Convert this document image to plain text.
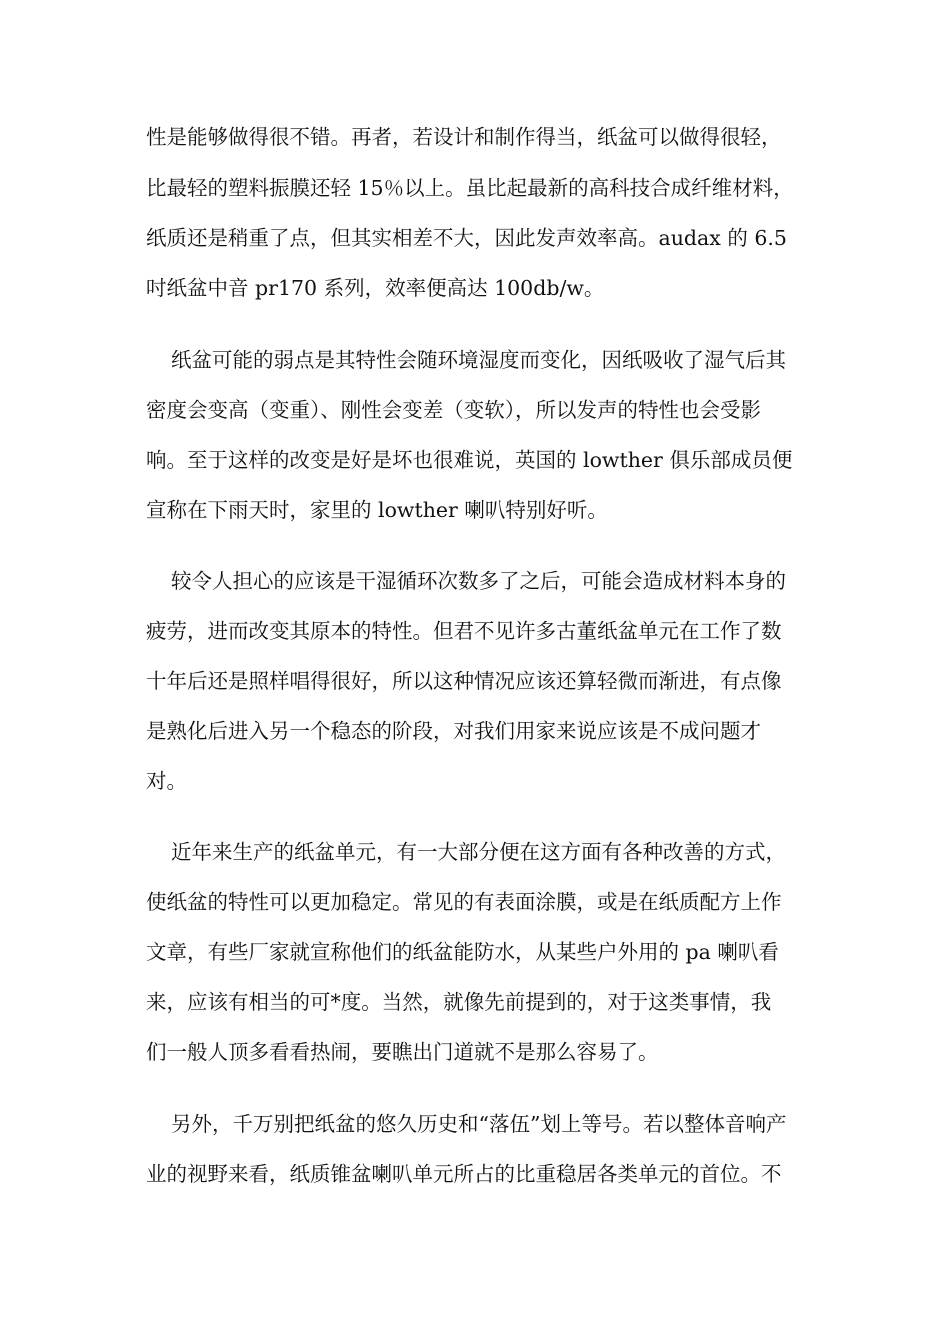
性是能够做得很不错。再者，若设计和制作得当，纸盆可以做得很轻，
比最轻的塑料振膜还轻 15％以上。虽比起最新的高科技合成纤维材料，
纸质还是稍重了点，但其实相差不大，因此发声效率高。audax 的 6.5
吋纸盆中音 pr170 系列，效率便高达 100db/w。
纸盆可能的弱点是其特性会随环境湿度而变化，因纸吸收了湿气后其
密度会变高（变重）、刚性会变差（变软），所以发声的特性也会受影
响。至于这样的改变是好是坏也很难说，英国的 lowther 俱乐部成员便
宣称在下雨天时，家里的 lowther 喇叭特别好听。
较令人担心的应该是干湿循环次数多了之后，可能会造成材料本身的
疲劳，进而改变其原本的特性。但君不见许多古董纸盆单元在工作了数
十年后还是照样唱得很好，所以这种情况应该还算轻微而渐进，有点像
是熟化后进入另一个稳态的阶段，对我们用家来说应该是不成问题才
对。
近年来生产的纸盆单元，有一大部分便在这方面有各种改善的方式，
使纸盆的特性可以更加稳定。常见的有表面涂膜，或是在纸质配方上作
文章，有些厂家就宣称他们的纸盆能防水，从某些户外用的 pa 喇叭看
来，应该有相当的可*度。当然，就像先前提到的，对于这类事情，我
们一般人顶多看看热闹，要瞧出门道就不是那么容易了。
另外，千万别把纸盆的悠久历史和“落伍”划上等号。若以整体音响产
业的视野来看，纸质锥盆喇叭单元所占的比重稳居各类单元的首位。不
